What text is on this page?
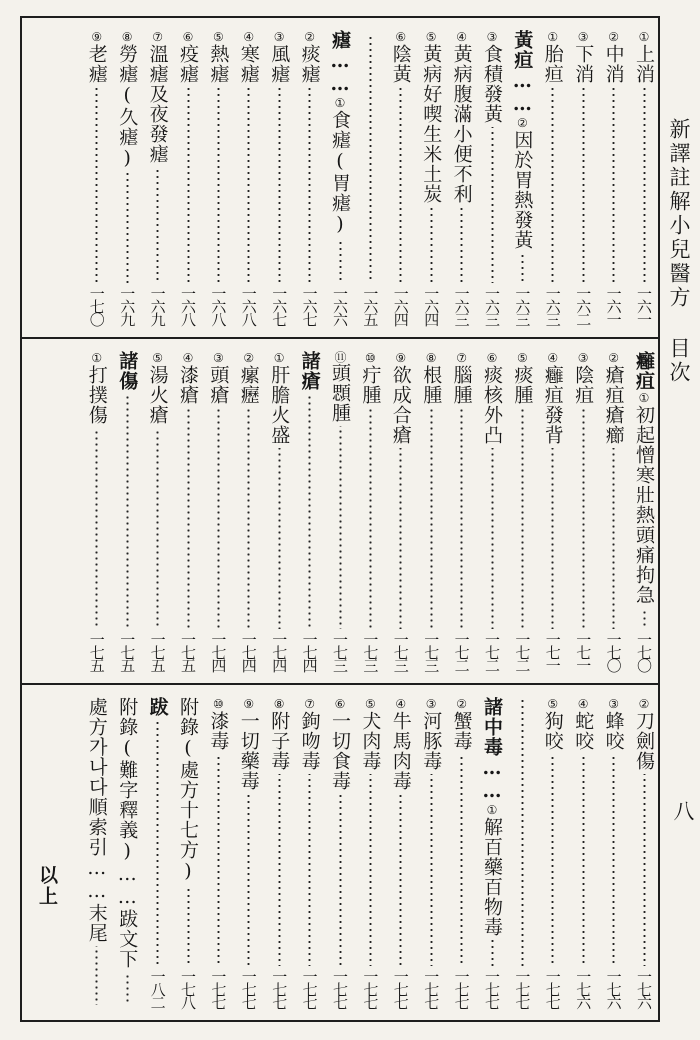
新譯註解小兒醫方 目次
八
①
上消
一六一
②
中消
一六一
③
下消
一六二
①
胎疸
一六三
黃疸……
②
因於胃熱發黃
一六三
③
食積發黃
一六三
④
黃病腹滿小便不利
一六三
⑤
黃病好喫生米土炭
一六四
⑥
陰黃
一六四
一六五
瘧……
①
食瘧(胃瘧)
一六六
②
痰瘧
一六七
③
風瘧
一六七
④
寒瘧
一六八
⑤
熱瘧
一六八
⑥
疫瘧
一六八
⑦
溫瘧及夜發瘧
一六九
⑧
勞瘧(久瘧)
一六九
⑨
老瘧
一七〇
癰疽
①
初起憎寒壯熱頭痛拘急
一七〇
②
瘡疽瘡癤
一七〇
③
陰疽
一七一
④
癰疽發背
一七一
⑤
痰腫
一七二
⑥
痰核外凸
一七二
⑦
腦腫
一七二
⑧
根腫
一七三
⑨
欲成合瘡
一七三
⑩
疔腫
一七三
⑪
頭顋腫
一七三
諸瘡
一七四
①
肝膽火盛
一七四
②
瘰癧
一七四
③
頭瘡
一七四
④
漆瘡
一七五
⑤
湯火瘡
一七五
諸傷
一七五
①
打撲傷
一七五
②
刀劍傷
一七六
③
蜂咬
一七六
④
蛇咬
一七六
⑤
狗咬
一七七
一七七
諸中毒……
①
解百藥百物毒
一七七
②
蟹毒
一七七
③
河豚毒
一七七
④
牛馬肉毒
一七七
⑤
犬肉毒
一七七
⑥
一切食毒
一七七
⑦
鉤吻毒
一七七
⑧
附子毒
一七七
⑨
一切藥毒
一七七
⑩
漆毒
一七七
附錄(處方十七方)
一七八
跋
一八二
附錄(難字釋義)……跋文下
處方가나다順索引……末尾
以上
